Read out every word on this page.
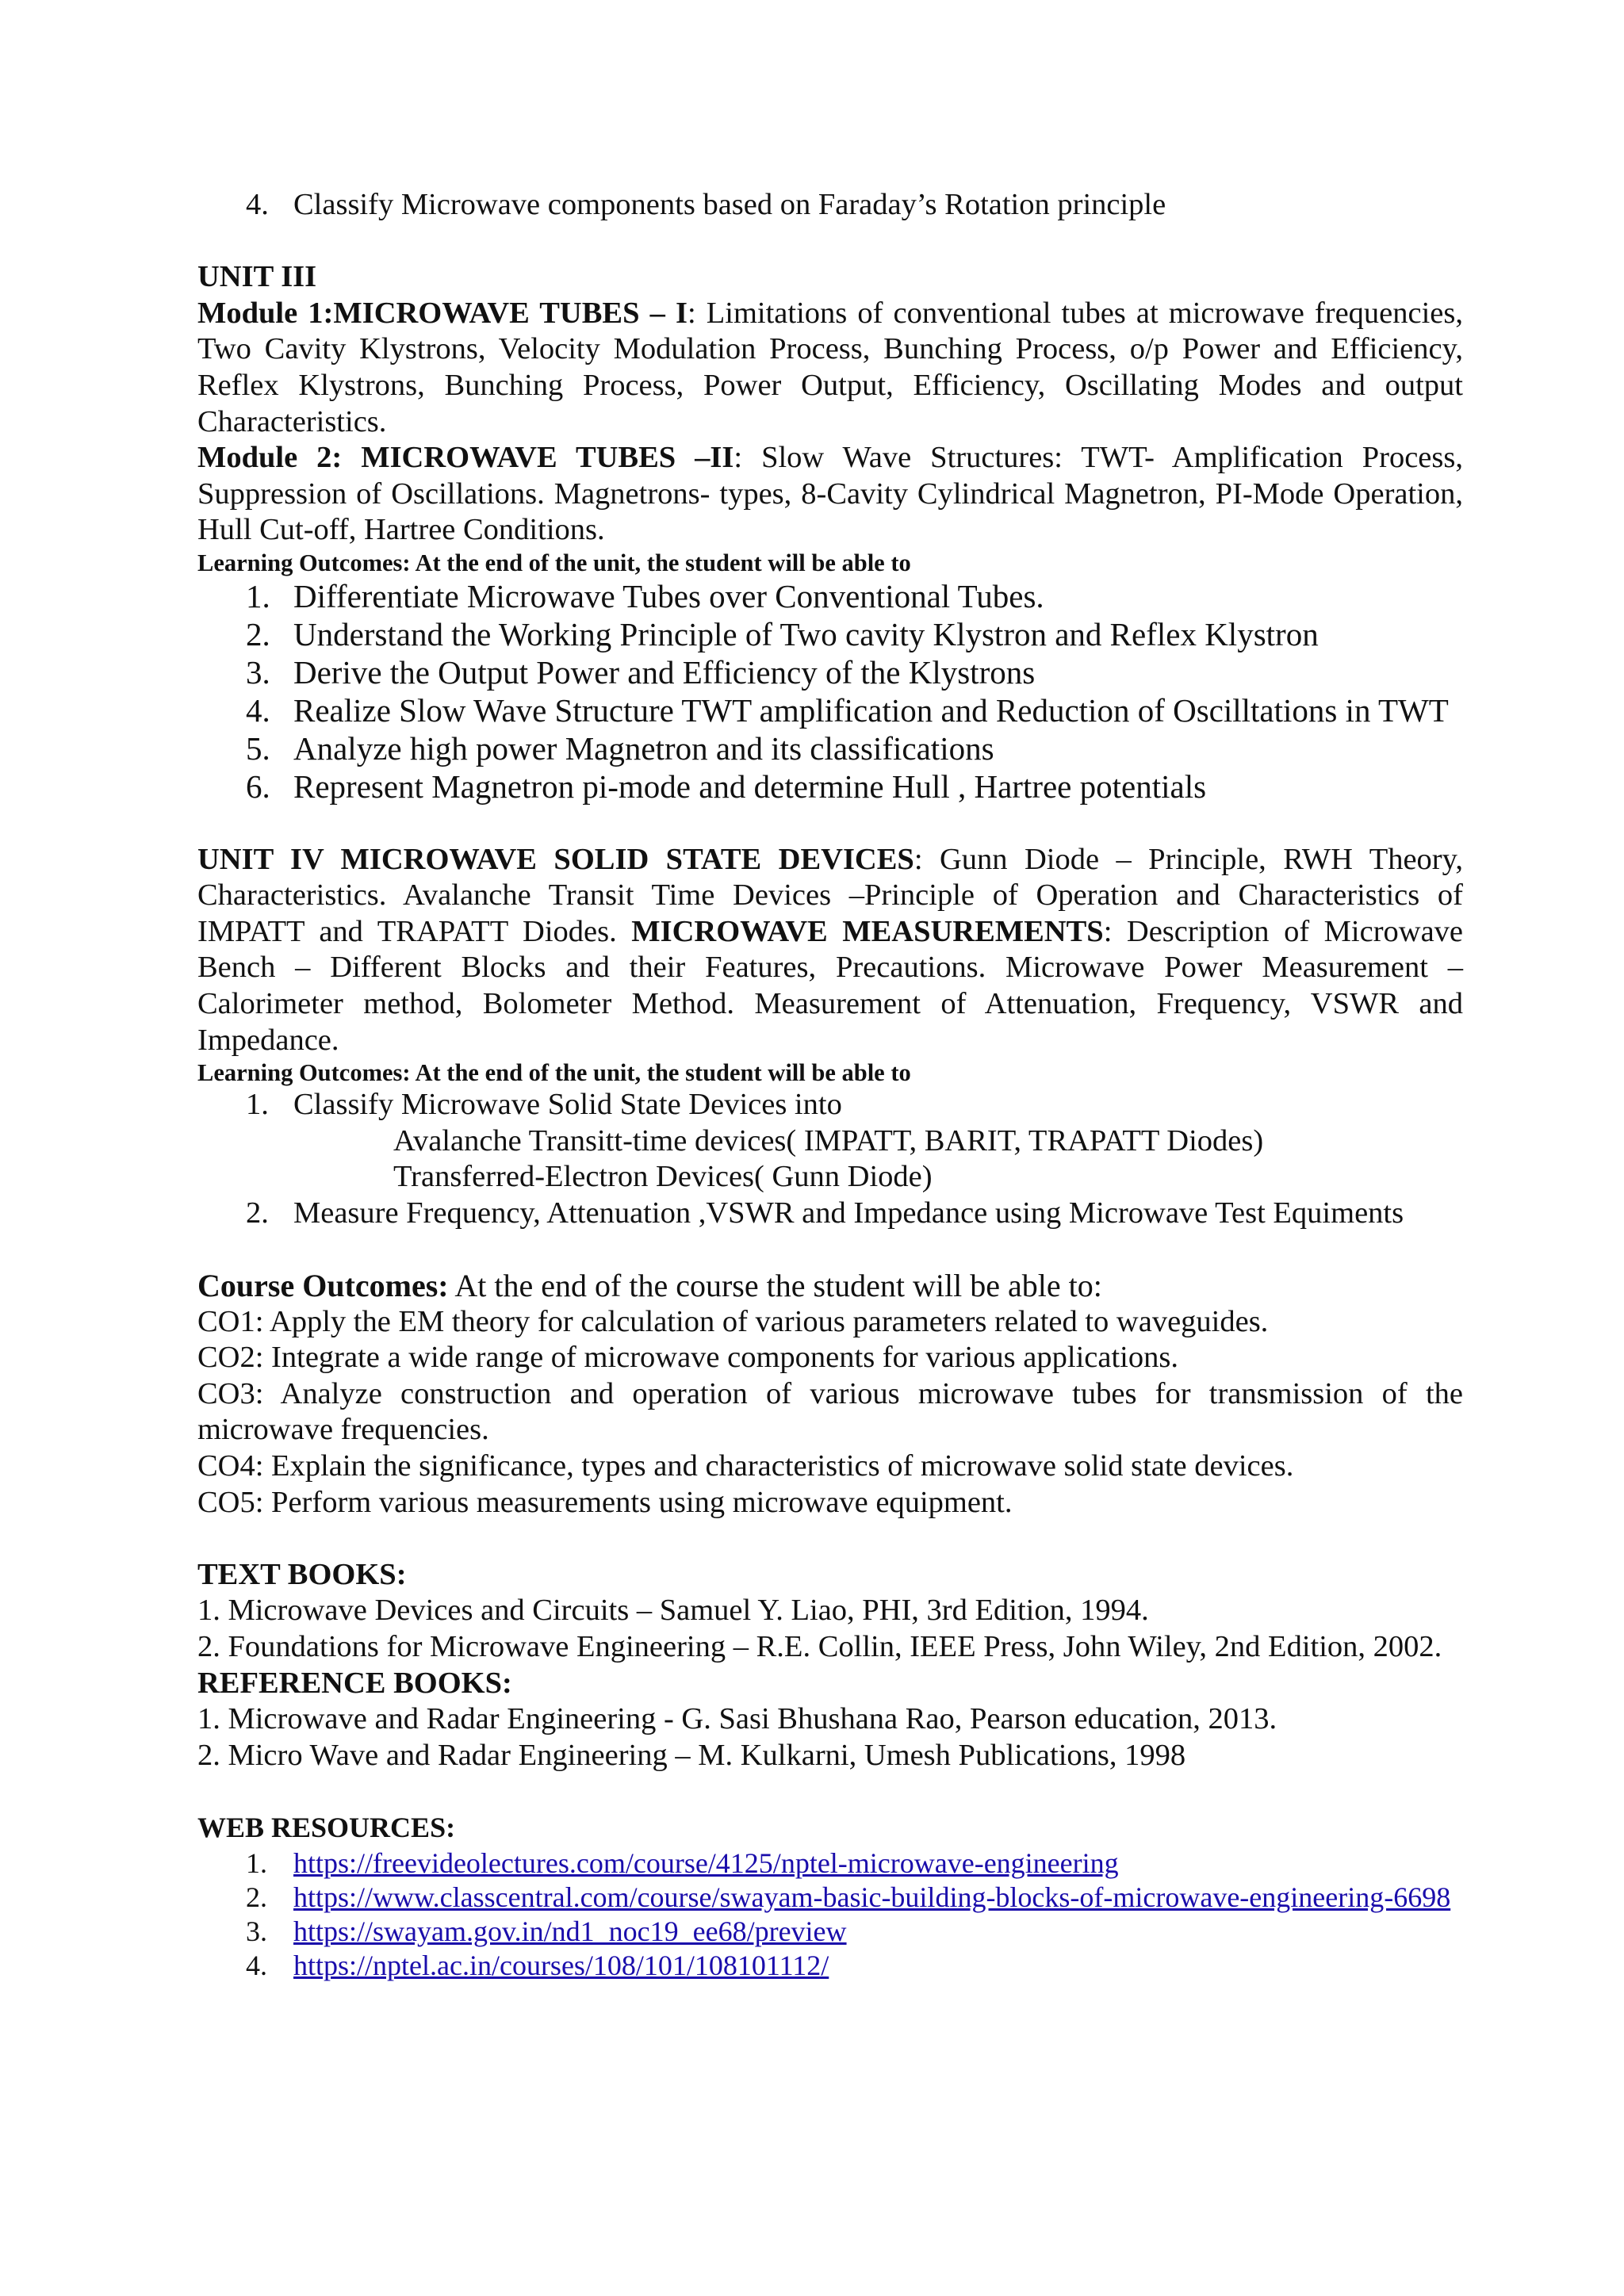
4. Classify Microwave components based on Faraday’s Rotation principle

UNIT III

Module 1:MICROWAVE TUBES – I: Limitations of conventional tubes at microwave frequencies, Two Cavity Klystrons, Velocity Modulation Process, Bunching Process, o/p Power and Efficiency, Reflex Klystrons, Bunching Process, Power Output, Efficiency, Oscillating Modes and output Characteristics.

Module 2: MICROWAVE TUBES –II: Slow Wave Structures: TWT- Amplification Process, Suppression of Oscillations. Magnetrons- types, 8-Cavity Cylindrical Magnetron, PI-Mode Operation, Hull Cut-off, Hartree Conditions.

Learning Outcomes: At the end of the unit, the student will be able to

1. Differentiate Microwave Tubes over Conventional Tubes.
2. Understand the Working Principle of Two cavity Klystron and Reflex Klystron
3. Derive the Output Power and Efficiency of the Klystrons
4. Realize Slow Wave Structure TWT amplification and Reduction of Oscilltations in TWT
5. Analyze high power Magnetron and its classifications
6. Represent Magnetron pi-mode and determine Hull , Hartree potentials

UNIT IV MICROWAVE SOLID STATE DEVICES: Gunn Diode – Principle, RWH Theory, Characteristics. Avalanche Transit Time Devices –Principle of Operation and Characteristics of IMPATT and TRAPATT Diodes. MICROWAVE MEASUREMENTS: Description of Microwave Bench – Different Blocks and their Features, Precautions. Microwave Power Measurement – Calorimeter method, Bolometer Method. Measurement of Attenuation, Frequency, VSWR and Impedance.

Learning Outcomes: At the end of the unit, the student will be able to

1. Classify Microwave Solid State Devices into
Avalanche Transitt-time devices( IMPATT, BARIT, TRAPATT Diodes)
Transferred-Electron Devices( Gunn Diode)
2. Measure Frequency, Attenuation ,VSWR and Impedance using Microwave Test Equiments

Course Outcomes: At the end of the course the student will be able to:

CO1: Apply the EM theory for calculation of various parameters related to waveguides.

CO2: Integrate a wide range of microwave components for various applications.

CO3: Analyze construction and operation of various microwave tubes for transmission of the microwave frequencies.

CO4: Explain the significance, types and characteristics of microwave solid state devices.

CO5: Perform various measurements using microwave equipment.

TEXT BOOKS:

1. Microwave Devices and Circuits – Samuel Y. Liao, PHI, 3rd Edition, 1994.

2. Foundations for Microwave Engineering – R.E. Collin, IEEE Press, John Wiley, 2nd Edition, 2002.

REFERENCE BOOKS:

1. Microwave and Radar Engineering - G. Sasi Bhushana Rao, Pearson education, 2013.

2. Micro Wave and Radar Engineering – M. Kulkarni, Umesh Publications, 1998

WEB RESOURCES:

1. https://freevideolectures.com/course/4125/nptel-microwave-engineering
2. https://www.classcentral.com/course/swayam-basic-building-blocks-of-microwave-engineering-6698
3. https://swayam.gov.in/nd1_noc19_ee68/preview
4. https://nptel.ac.in/courses/108/101/108101112/
